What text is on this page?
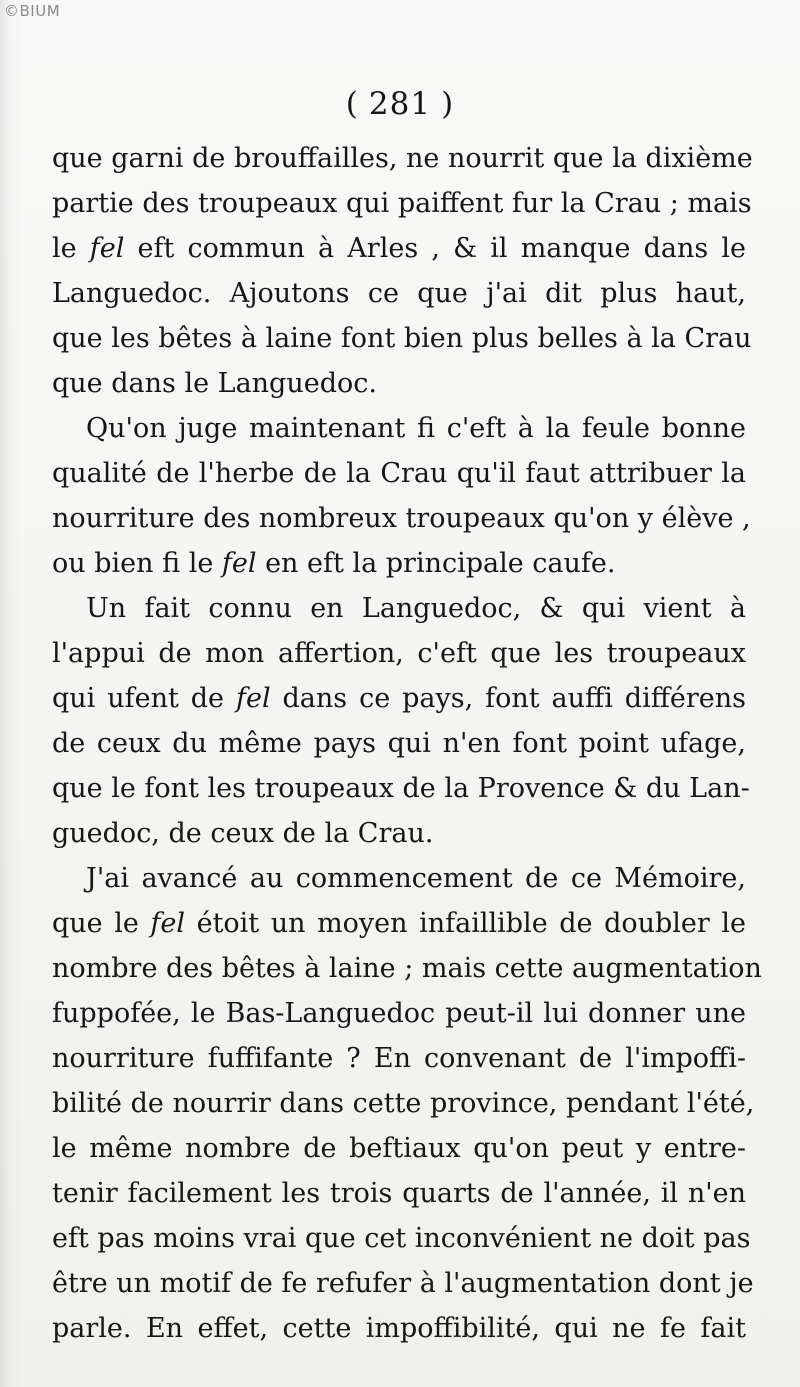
©BIUM
( 281 )
que garni de brouffailles, ne nourrit que la dixième
partie des troupeaux qui paiffent fur la Crau ; mais
le fel eft commun à Arles , & il manque dans le
Languedoc. Ajoutons ce que j'ai dit plus haut,
que les bêtes à laine font bien plus belles à la Crau
que dans le Languedoc.
Qu'on juge maintenant fi c'eft à la feule bonne
qualité de l'herbe de la Crau qu'il faut attribuer la
nourriture des nombreux troupeaux qu'on y élève ,
ou bien fi le fel en eft la principale caufe.
Un fait connu en Languedoc, & qui vient à
l'appui de mon affertion, c'eft que les troupeaux
qui ufent de fel dans ce pays, font auffi différens
de ceux du même pays qui n'en font point ufage,
que le font les troupeaux de la Provence & du Lan-
guedoc, de ceux de la Crau.
J'ai avancé au commencement de ce Mémoire,
que le fel étoit un moyen infaillible de doubler le
nombre des bêtes à laine ; mais cette augmentation
fuppofée, le Bas-Languedoc peut-il lui donner une
nourriture fuffifante ? En convenant de l'impoffi-
bilité de nourrir dans cette province, pendant l'été,
le même nombre de beftiaux qu'on peut y entre-
tenir facilement les trois quarts de l'année, il n'en
eft pas moins vrai que cet inconvénient ne doit pas
être un motif de fe refufer à l'augmentation dont je
parle. En effet, cette impoffibilité, qui ne fe fait
